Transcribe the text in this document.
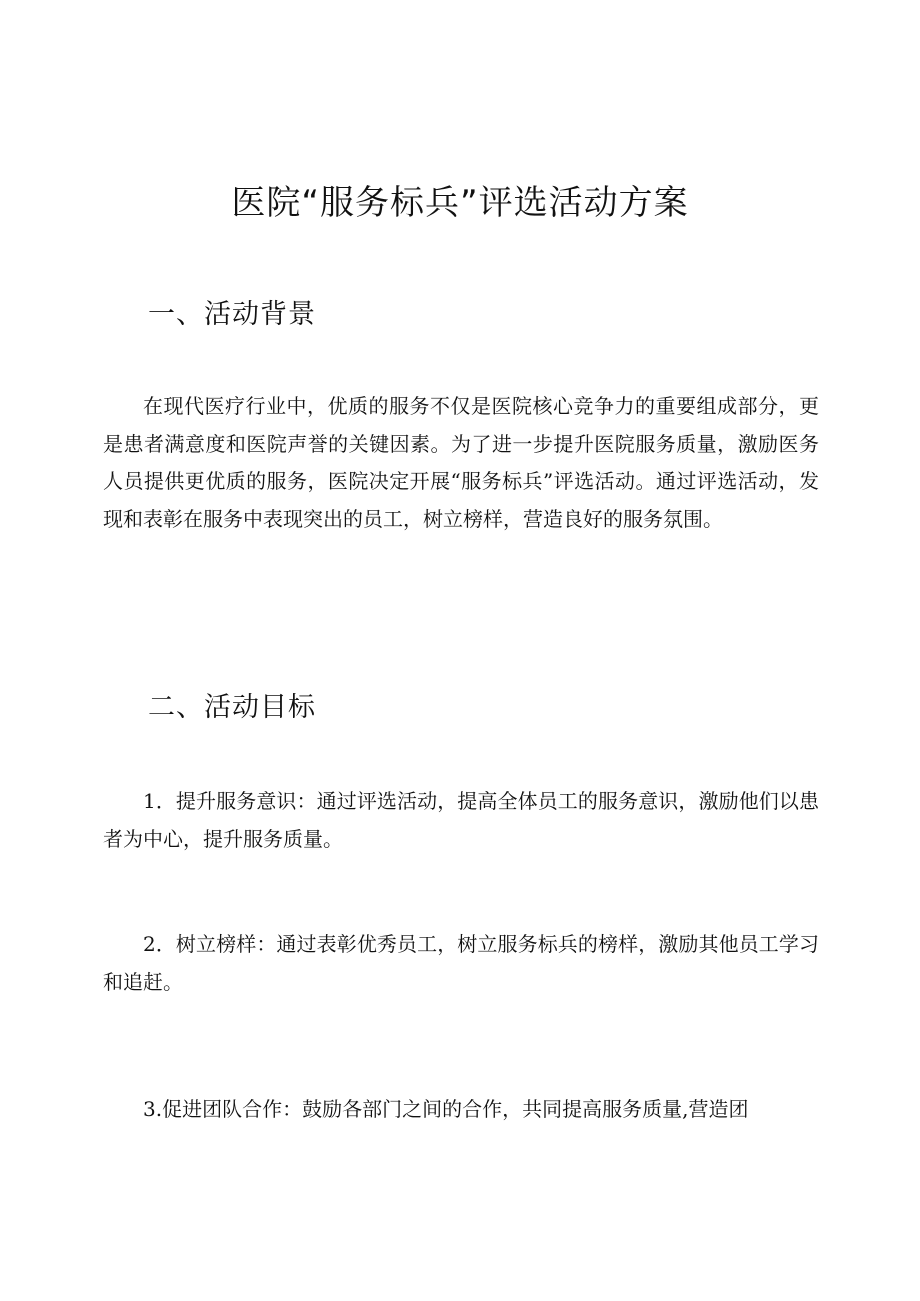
医院“服务标兵”评选活动方案
一、活动背景

在现代医疗行业中，优质的服务不仅是医院核心竞争力的重要组成部分，更是患者满意度和医院声誉的关键因素。为了进一步提升医院服务质量，激励医务人员提供更优质的服务，医院决定开展“服务标兵”评选活动。通过评选活动，发现和表彰在服务中表现突出的员工，树立榜样，营造良好的服务氛围。

二、活动目标

1．提升服务意识：通过评选活动，提高全体员工的服务意识，激励他们以患者为中心，提升服务质量。

2．树立榜样：通过表彰优秀员工，树立服务标兵的榜样，激励其他员工学习和追赶。

3.促进团队合作：鼓励各部门之间的合作，共同提高服务质量,营造团
